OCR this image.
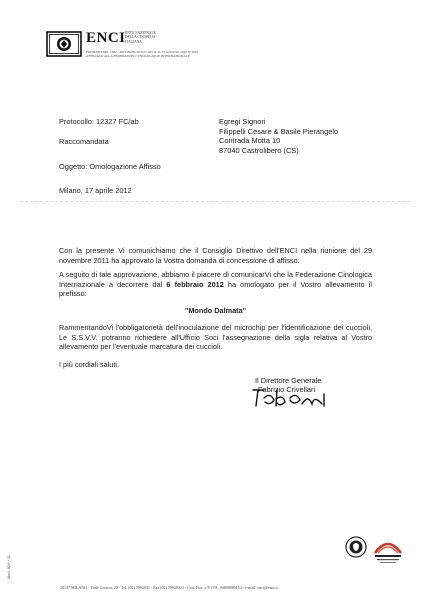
ENCI ENTE NAZIONALE
DELLA CINOFILIA
ITALIANA
FONDATO NEL 1882 - RICONOSCIUTO CON R. D. 13 GIUGNO 1940 N°1061
AFFILIATO ALLA FEDERATION CYNOLOGIQUE INTERNATIONALE
Protocollo: 12327 FC/ab
Raccomandata
Oggetto: Omologazione Affisso
Egregi Signori
Filippelli Cesare & Basile Pierangelo
Contrada Motta 10
87040 Castrolibero (CS)
Milano, 17 aprile 2012
Con la presente Vi comunichiamo che il Consiglio Direttivo dell'ENCI nella riunione del 29 novembre 2011 ha approvato la Vostra domanda di concessione di affisso.
A seguito di tale approvazione, abbiamo il piacere di comunicarVi che la Federazione Cinologica Internazionale a decorrere dal 6 febbraio 2012 ha omologato per il Vostro allevamento il prefisso:
"Mondo Dalmata"
RammentandoVi l'obbligatorietà dell'inoculazione del microchip per l'identificazione dei cuccioli, Le S.S.V.V. potranno richiedere all'Ufficio Soci l'assegnazione della sigla relativa al Vostro allevamento per l'eventuale marcatura dei cuccioli.
I più cordiali saluti.
Il Direttore Generale
Fabrizio Crivellari
Mod. 929 / 11
20137 MILANO - Viale Corsica, 20 - Tel. (02) 7002031 - Fax (02) 70020323 - Cod. Fisc. e P. IVA: 00809080154 - e-mail: enci@enci.it
